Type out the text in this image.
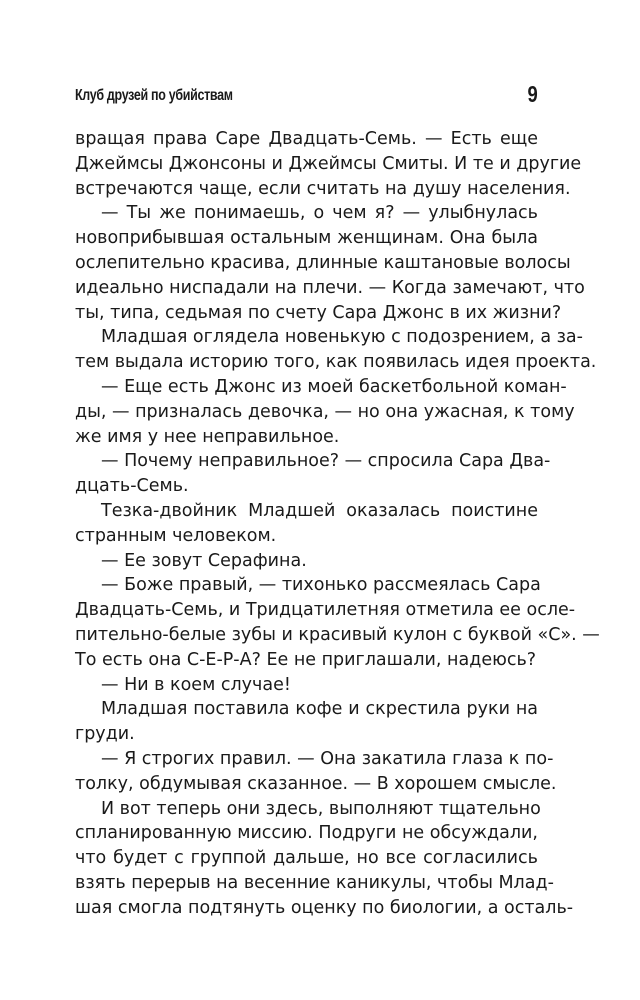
Клуб друзей по убийствам	9
вращая права Саре Двадцать-Семь. — Есть еще
Джеймсы Джонсоны и Джеймсы Смиты. И те и другие
встречаются чаще, если считать на душу населения.
— Ты же понимаешь, о чем я? — улыбнулась
новоприбывшая остальным женщинам. Она была
ослепительно красива, длинные каштановые волосы
идеально ниспадали на плечи. — Когда замечают, что
ты, типа, седьмая по счету Сара Джонс в их жизни?
Младшая оглядела новенькую с подозрением, а за-
тем выдала историю того, как появилась идея проекта.
— Еще есть Джонс из моей баскетбольной коман-
ды, — призналась девочка, — но она ужасная, к тому
же имя у нее неправильное.
— Почему неправильное? — спросила Сара Два-
дцать-Семь.
Тезка-двойник Младшей оказалась поистине
странным человеком.
— Ее зовут Серафина.
— Боже правый, — тихонько рассмеялась Сара
Двадцать-Семь, и Тридцатилетняя отметила ее осле-
пительно-белые зубы и красивый кулон с буквой «С». —
То есть она С-Е-Р-А? Ее не приглашали, надеюсь?
— Ни в коем случае!
Младшая поставила кофе и скрестила руки на
груди.
— Я строгих правил. — Она закатила глаза к по-
толку, обдумывая сказанное. — В хорошем смысле.
И вот теперь они здесь, выполняют тщательно
спланированную миссию. Подруги не обсуждали,
что будет с группой дальше, но все согласились
взять перерыв на весенние каникулы, чтобы Млад-
шая смогла подтянуть оценку по биологии, а осталь-
